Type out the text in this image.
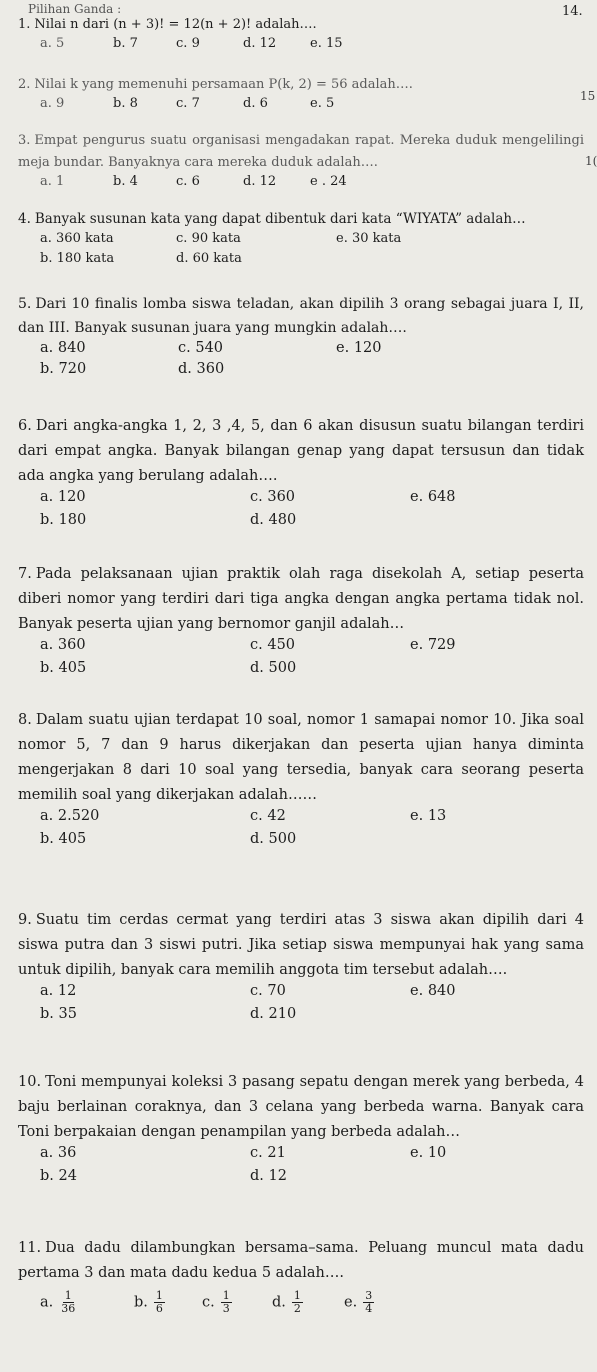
Pilihan Ganda :	14.
15
1(
1. Nilai n dari (n + 3)! = 12(n + 2)! adalah….
a. 5	b. 7	c. 9	d. 12	e. 15
2. Nilai k yang memenuhi persamaan P(k, 2) = 56 adalah….
a. 9	b. 8	c. 7	d. 6	e. 5
3. Empat pengurus suatu organisasi mengadakan rapat. Mereka duduk mengelilingi meja bundar. Banyaknya cara mereka duduk adalah….
a. 1	b. 4	c. 6	d. 12	e . 24
4. Banyak susunan kata yang dapat dibentuk dari kata “WIYATA” adalah…
a. 360 kata	c. 90 kata	e. 30 kata
b. 180 kata	d. 60 kata
5. Dari 10 finalis lomba siswa teladan, akan dipilih 3 orang sebagai juara I, II, dan III. Banyak susunan juara yang mungkin adalah….
a. 840	c. 540	e. 120
b. 720	d. 360
6. Dari angka-angka 1, 2, 3 ,4, 5, dan 6 akan disusun suatu bilangan terdiri dari empat angka. Banyak bilangan genap yang dapat tersusun dan tidak ada angka yang berulang adalah….
a. 120	c. 360	e. 648
b. 180	d. 480
7. Pada pelaksanaan ujian praktik olah raga disekolah A, setiap peserta diberi nomor yang terdiri dari tiga angka dengan angka pertama tidak nol. Banyak peserta ujian yang bernomor ganjil adalah…
a. 360	c. 450	e. 729
b. 405	d. 500
8. Dalam suatu ujian terdapat 10 soal, nomor 1 samapai nomor 10. Jika soal nomor 5, 7 dan 9 harus dikerjakan dan peserta ujian hanya diminta mengerjakan 8 dari 10 soal yang tersedia, banyak cara seorang peserta memilih soal yang dikerjakan adalah……
a. 2.520	c. 42	e. 13
b. 405	d. 500
9. Suatu tim cerdas cermat yang terdiri atas 3 siswa akan dipilih dari 4 siswa putra dan 3 siswi putri. Jika setiap siswa mempunyai hak yang sama untuk dipilih, banyak cara memilih anggota tim tersebut adalah….
a. 12	c. 70	e. 840
b. 35	d. 210
10. Toni mempunyai koleksi 3 pasang sepatu dengan merek yang berbeda, 4 baju berlainan coraknya, dan 3 celana yang berbeda warna. Banyak cara Toni berpakaian dengan penampilan yang berbeda adalah…
a. 36	c. 21	e. 10
b. 24	d. 12
11. Dua dadu dilambungkan bersama–sama. Peluang muncul mata dadu pertama 3 dan mata dadu kedua 5 adalah….
a. $\frac{1}{36}$	b. $\frac{1}{6}$	c. $\frac{1}{3}$	d. $\frac{1}{2}$	e. $\frac{3}{4}$
